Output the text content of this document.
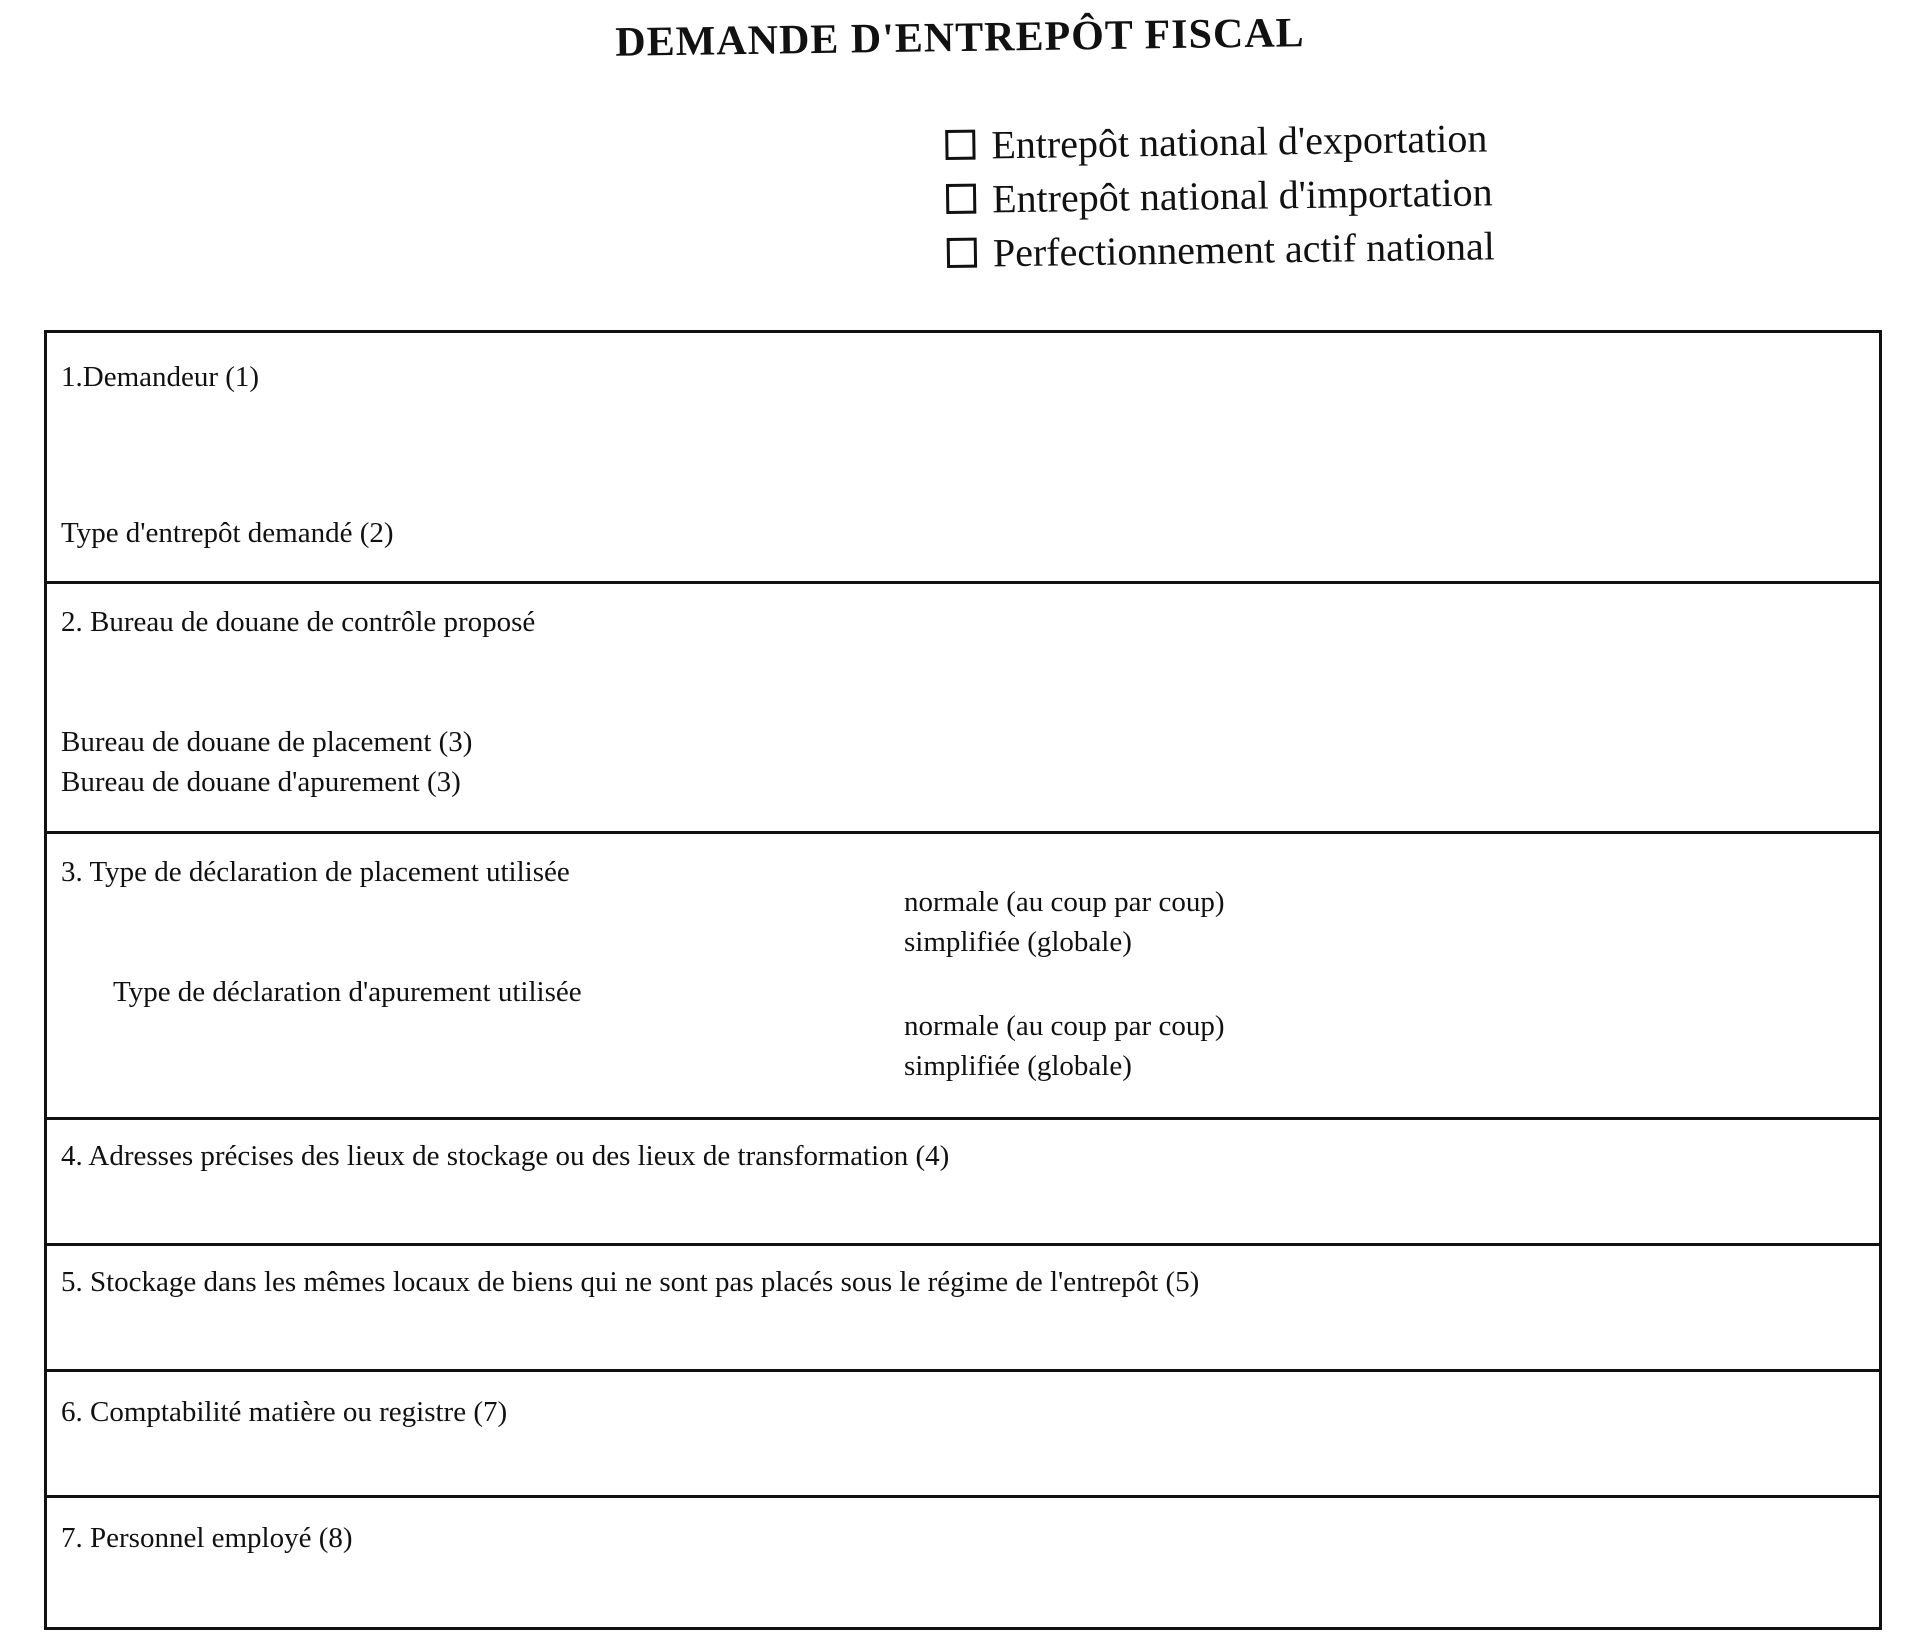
DEMANDE D'ENTREPÔT FISCAL
Entrepôt national d'exportation
Entrepôt national d'importation
Perfectionnement actif national
1.Demandeur (1)
Type d'entrepôt demandé (2)
2. Bureau de douane de contrôle proposé
Bureau de douane de placement (3)
Bureau de douane d'apurement (3)
3. Type de déclaration de placement utilisée
normale (au coup par coup)
simplifiée (globale)
Type de déclaration d'apurement utilisée
normale (au coup par coup)
simplifiée (globale)
4. Adresses précises des lieux de stockage ou des lieux de transformation (4)
5. Stockage dans les mêmes locaux de biens qui ne sont pas placés sous le régime de l'entrepôt (5)
6. Comptabilité matière ou registre (7)
7. Personnel employé (8)
